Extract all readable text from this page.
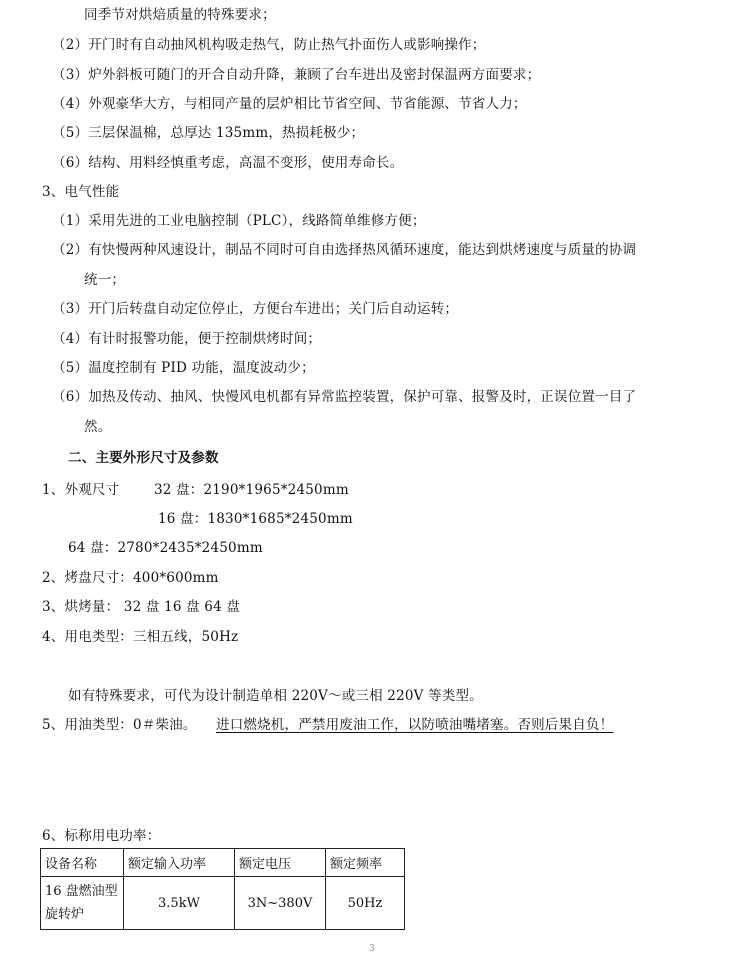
同季节对烘焙质量的特殊要求；
（2）开门时有自动抽风机构吸走热气，防止热气扑面伤人或影响操作；
（3）炉外斜板可随门的开合自动升降，兼顾了台车进出及密封保温两方面要求；
（4）外观豪华大方，与相同产量的层炉相比节省空间、节省能源、节省人力；
（5）三层保温棉，总厚达 135mm，热损耗极少；
（6）结构、用料经慎重考虑，高温不变形，使用寿命长。
3、电气性能
（1）采用先进的工业电脑控制（PLC），线路简单维修方便；
（2）有快慢两种风速设计，制品不同时可自由选择热风循环速度，能达到烘烤速度与质量的协调
统一；
（3）开门后转盘自动定位停止，方便台车进出；关门后自动运转；
（4）有计时报警功能，便于控制烘烤时间；
（5）温度控制有 PID 功能，温度波动少；
（6）加热及传动、抽风、快慢风电机都有异常监控装置，保护可靠、报警及时，正误位置一目了
然。
二、主要外形尺寸及参数
1、外观尺寸	32 盘：2190*1965*2450mm
16 盘：1830*1685*2450mm
64 盘：2780*2435*2450mm
2、烤盘尺寸：400*600mm
3、烘烤量： 32 盘 16 盘 64 盘
4、用电类型：三相五线，50Hz
如有特殊要求，可代为设计制造单相 220V～或三相 220V 等类型。
5、用油类型：0＃柴油。 进口燃烧机，严禁用废油工作，以防喷油嘴堵塞。否则后果自负！
6、标称用电功率：
设备名称	额定输入功率	额定电压	额定频率
16 盘燃油型旋转炉	3.5kW	3N~380V	50Hz
3
